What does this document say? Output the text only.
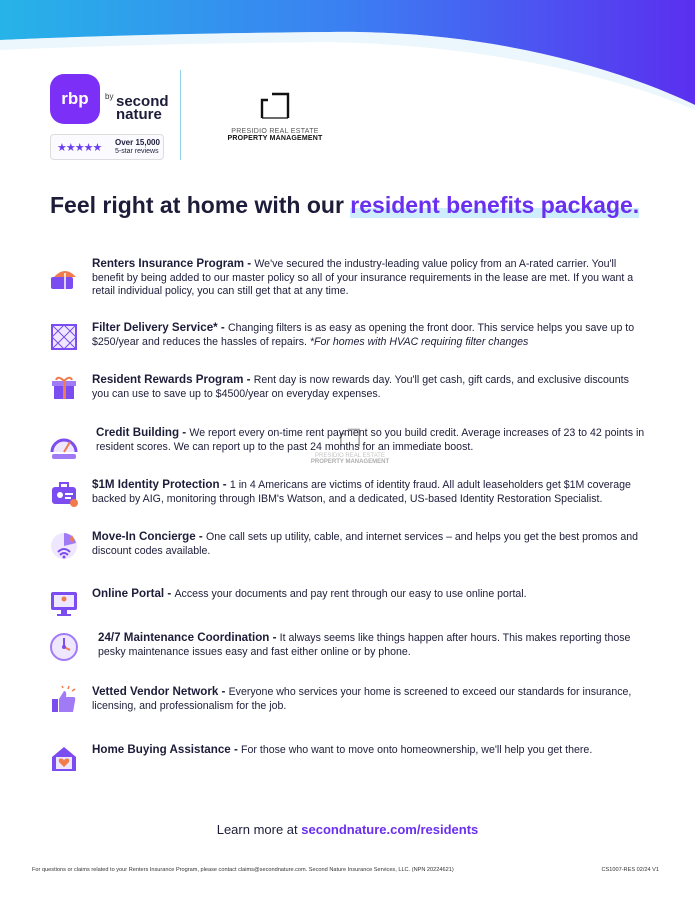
rbp	by second nature
★★★★★ Over 15,000
5-star reviews
PRESIDIO REAL ESTATE
PROPERTY MANAGEMENT
Feel right at home with our resident benefits package.
Renters Insurance Program - We've secured the industry-leading value policy from an A-rated carrier. You'll benefit by being added to our master policy so all of your insurance requirements in the lease are met. If you want a retail individual policy, you can still get that at any time.
Filter Delivery Service* - Changing filters is as easy as opening the front door. This service helps you save up to $250/year and reduces the hassles of repairs. *For homes with HVAC requiring filter changes
Resident Rewards Program - Rent day is now rewards day. You'll get cash, gift cards, and exclusive discounts you can use to save up to $4500/year on everyday expenses.
Credit Building - We report every on-time rent payment so you build credit. Average increases of 23 to 42 points in resident scores. We can report up to the past 24 months for an immediate boost.
$1M Identity Protection - 1 in 4 Americans are victims of identity fraud. All adult leaseholders get $1M coverage backed by AIG, monitoring through IBM's Watson, and a dedicated, US-based Identity Restoration Specialist.
Move-In Concierge - One call sets up utility, cable, and internet services – and helps you get the best promos and discount codes available.
Online Portal - Access your documents and pay rent through our easy to use online portal.
24/7 Maintenance Coordination - It always seems like things happen after hours. This makes reporting those pesky maintenance issues easy and fast either online or by phone.
Vetted Vendor Network - Everyone who services your home is screened to exceed our standards for insurance, licensing, and professionalism for the job.
Home Buying Assistance - For those who want to move onto homeownership, we'll help you get there.
PRESIDIO REAL ESTATE
PROPERTY MANAGEMENT
Learn more at secondnature.com/residents
For questions or claims related to your Renters Insurance Program, please contact claims@secondnature.com. Second Nature Insurance Services, LLC. (NPN 20224621)	CS1007-RES 02/24 V1
